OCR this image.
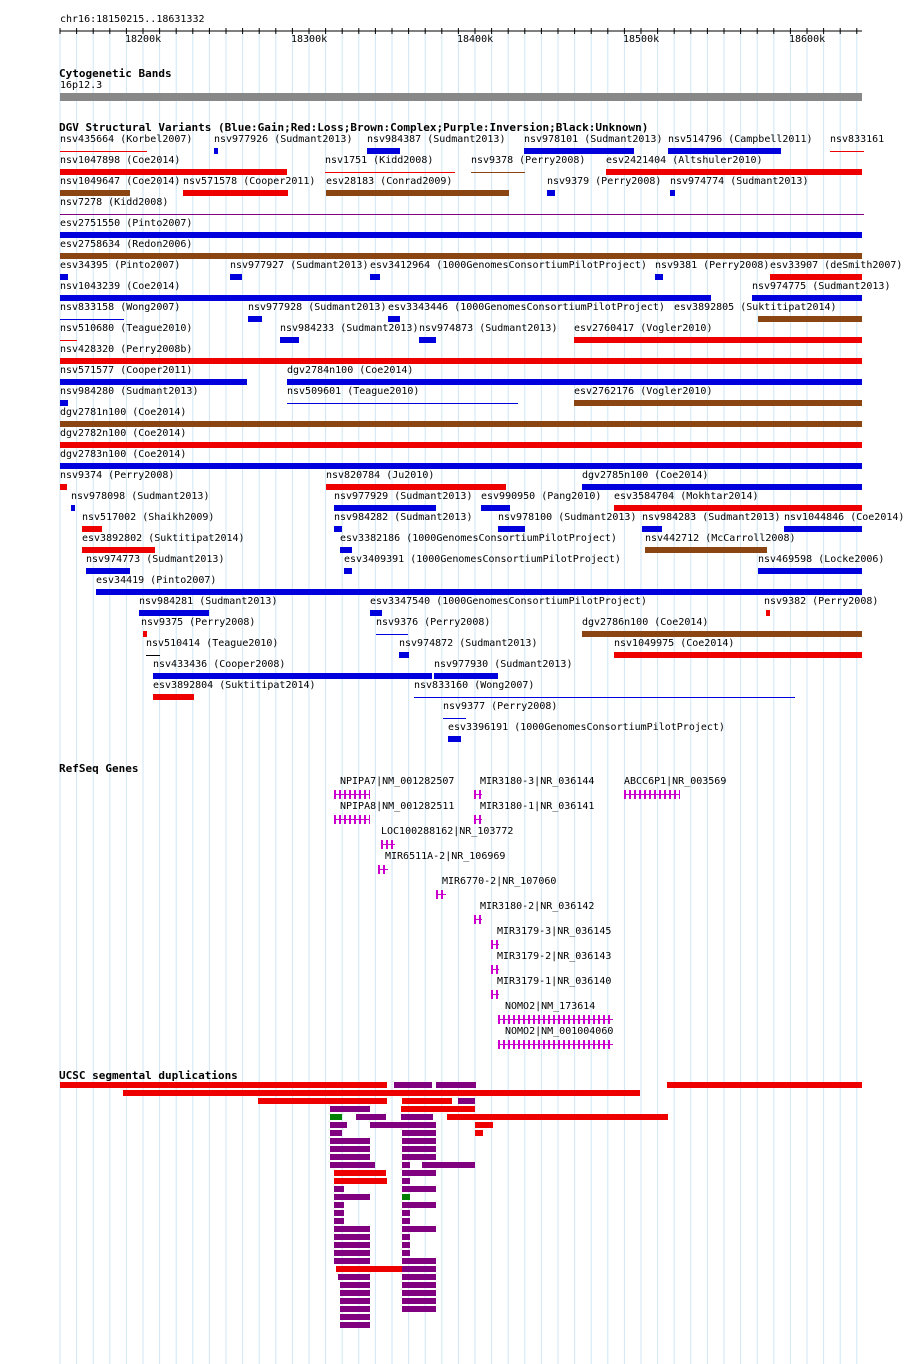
chr16:18150215..18631332
Cytogenetic Bands
16p12.3
DGV Structural Variants (Blue:Gain;Red:Loss;Brown:Complex;Purple:Inversion;Black:Unknown)
RefSeq Genes
UCSC segmental duplications
18200k	18300k	18400k	18500k	18600k
nsv435664 (Korbel2007) nsv977926 (Sudmant2013) nsv984387 (Sudmant2013) nsv978101 (Sudmant2013) nsv514796 (Campbell2011) nsv833161
nsv1047898 (Coe2014)	nsv1751 (Kidd2008)	nsv9378 (Perry2008) esv2421404 (Altshuler2010)
nsv1049647 (Coe2014) nsv571578 (Cooper2011) esv28183 (Conrad2009)	nsv9379 (Perry2008) nsv974774 (Sudmant2013)
nsv7278 (Kidd2008)
esv2751550 (Pinto2007)
esv2758634 (Redon2006)
esv34395 (Pinto2007)	nsv977927 (Sudmant2013) esv3412964 (1000GenomesConsortiumPilotProject) nsv9381 (Perry2008) esv33907 (deSmith2007)
nsv1043239 (Coe2014)	nsv974775 (Sudmant2013)
nsv833158 (Wong2007)	nsv977928 (Sudmant2013) esv3343446 (1000GenomesConsortiumPilotProject) esv3892805 (Suktitipat2014)
nsv510680 (Teague2010)	nsv984233 (Sudmant2013) nsv974873 (Sudmant2013) esv2760417 (Vogler2010)
nsv428320 (Perry2008b)
nsv571577 (Cooper2011)	dgv2784n100 (Coe2014)
nsv984280 (Sudmant2013)	nsv509601 (Teague2010)	esv2762176 (Vogler2010)
dgv2781n100 (Coe2014)
dgv2782n100 (Coe2014)
dgv2783n100 (Coe2014)
nsv9374 (Perry2008)	nsv820784 (Ju2010)	dgv2785n100 (Coe2014)
nsv978098 (Sudmant2013)	nsv977929 (Sudmant2013) esv990950 (Pang2010) esv3584704 (Mokhtar2014)
nsv517002 (Shaikh2009)	nsv984282 (Sudmant2013)	nsv978100 (Sudmant2013) nsv984283 (Sudmant2013) nsv1044846 (Coe2014)
esv3892802 (Suktitipat2014)	esv3382186 (1000GenomesConsortiumPilotProject)	nsv442712 (McCarroll2008)
nsv974773 (Sudmant2013)	esv3409391 (1000GenomesConsortiumPilotProject)	nsv469598 (Locke2006)
esv34419 (Pinto2007)
nsv984281 (Sudmant2013)	esv3347540 (1000GenomesConsortiumPilotProject)	nsv9382 (Perry2008)
nsv9375 (Perry2008)	nsv9376 (Perry2008)	dgv2786n100 (Coe2014)
nsv510414 (Teague2010)	nsv974872 (Sudmant2013)	nsv1049975 (Coe2014)
nsv433436 (Cooper2008)	nsv977930 (Sudmant2013)
esv3892804 (Suktitipat2014)	nsv833160 (Wong2007)
nsv9377 (Perry2008)
esv3396191 (1000GenomesConsortiumPilotProject)
NPIPA7|NM_001282507	MIR3180-3|NR_036144	ABCC6P1|NR_003569
NPIPA8|NM_001282511	MIR3180-1|NR_036141
LOC100288162|NR_103772
MIR6511A-2|NR_106969
MIR6770-2|NR_107060
MIR3180-2|NR_036142
MIR3179-3|NR_036145
MIR3179-2|NR_036143
MIR3179-1|NR_036140
NOMO2|NM_173614
NOMO2|NM_001004060
